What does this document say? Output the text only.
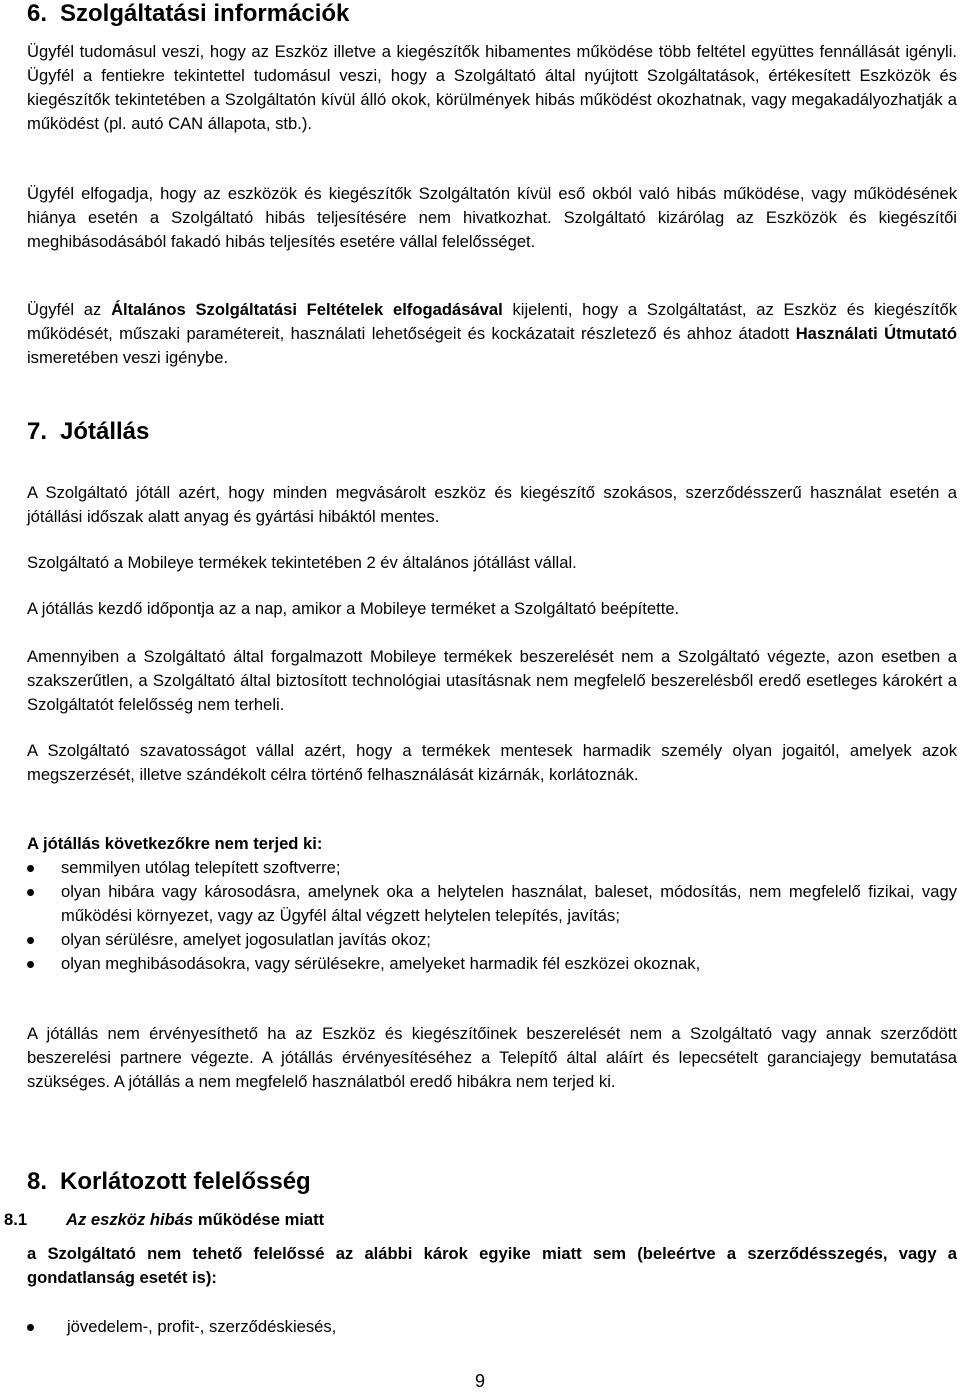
6. Szolgáltatási információk
Ügyfél tudomásul veszi, hogy az Eszköz illetve a kiegészítők hibamentes működése több feltétel együttes fennállását igényli. Ügyfél a fentiekre tekintettel tudomásul veszi, hogy a Szolgáltató által nyújtott Szolgáltatások, értékesített Eszközök és kiegészítők tekintetében a Szolgáltatón kívül álló okok, körülmények hibás működést okozhatnak, vagy megakadályozhatják a működést (pl. autó CAN állapota, stb.).
Ügyfél elfogadja, hogy az eszközök és kiegészítők Szolgáltatón kívül eső okból való hibás működése, vagy működésének hiánya esetén a Szolgáltató hibás teljesítésére nem hivatkozhat. Szolgáltató kizárólag az Eszközök és kiegészítői meghibásodásából fakadó hibás teljesítés esetére vállal felelősséget.
Ügyfél az Általános Szolgáltatási Feltételek elfogadásával kijelenti, hogy a Szolgáltatást, az Eszköz és kiegészítők működését, műszaki paramétereit, használati lehetőségeit és kockázatait részletező és ahhoz átadott Használati Útmutató ismeretében veszi igénybe.
7. Jótállás
A Szolgáltató jótáll azért, hogy minden megvásárolt eszköz és kiegészítő szokásos, szerződésszerű használat esetén a jótállási időszak alatt anyag és gyártási hibáktól mentes.
Szolgáltató a Mobileye termékek tekintetében 2 év általános jótállást vállal.
A jótállás kezdő időpontja az a nap, amikor a Mobileye terméket a Szolgáltató beépítette.
Amennyiben a Szolgáltató által forgalmazott Mobileye termékek beszerelését nem a Szolgáltató végezte, azon esetben a szakszerűtlen, a Szolgáltató által biztosított technológiai utasításnak nem megfelelő beszerelésből eredő esetleges károkért a Szolgáltatót felelősség nem terheli.
A Szolgáltató szavatosságot vállal azért, hogy a termékek mentesek harmadik személy olyan jogaitól, amelyek azok megszerzését, illetve szándékolt célra történő felhasználását kizárnák, korlátoznák.
A jótállás következőkre nem terjed ki:
semmilyen utólag telepített szoftverre;
olyan hibára vagy károsodásra, amelynek oka a helytelen használat, baleset, módosítás, nem megfelelő fizikai, vagy működési környezet, vagy az Ügyfél által végzett helytelen telepítés, javítás;
olyan sérülésre, amelyet jogosulatlan javítás okoz;
olyan meghibásodásokra, vagy sérülésekre, amelyeket harmadik fél eszközei okoznak,
A jótállás nem érvényesíthető ha az Eszköz és kiegészítőinek beszerelését nem a Szolgáltató vagy annak szerződött beszerelési partnere végezte. A jótállás érvényesítéséhez a Telepítő által aláírt és lepecsételt garanciajegy bemutatása szükséges. A jótállás a nem megfelelő használatból eredő hibákra nem terjed ki.
8. Korlátozott felelősség
8.1 Az eszköz hibás működése miatt
a Szolgáltató nem tehető felelőssé az alábbi károk egyike miatt sem (beleértve a szerződésszegés, vagy a gondatlanság esetét is):
jövedelem-, profit-, szerződéskiesés,
9
